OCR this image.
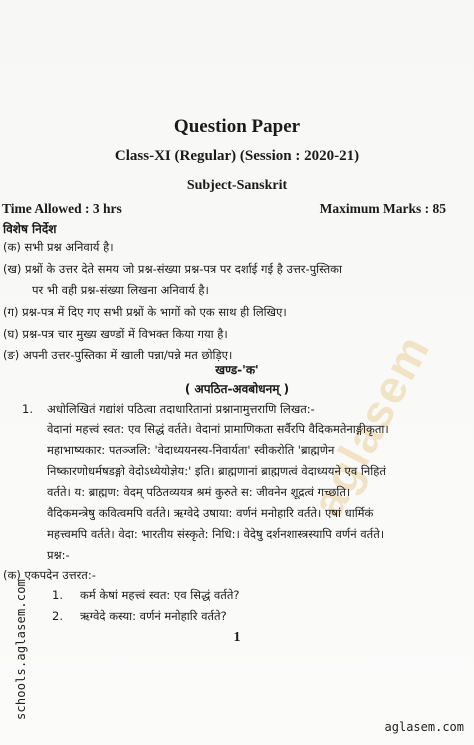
aglasem
Question Paper
Class-XI (Regular) (Session : 2020-21)
Subject-Sanskrit
Time Allowed : 3 hrs	Maximum Marks : 85
विशेष निर्देश
(क) सभी प्रश्न अनिवार्य है।
(ख) प्रश्नों के उत्तर देते समय जो प्रश्न-संख्या प्रश्न-पत्र पर दर्शाई गई है उत्तर-पुस्तिका
पर भी वही प्रश्न-संख्या लिखना अनिवार्य है।
(ग) प्रश्न-पत्र में दिए गए सभी प्रश्नों के भागों को एक साथ ही लिखिए।
(घ) प्रश्न-पत्र चार मुख्य खण्डों में विभक्त किया गया है।
(ङ) अपनी उत्तर-पुस्तिका में खाली पन्ना/पन्ने मत छोड़िए।
खण्ड-'क'
( अपठित-अवबोधनम् )
1. अधोलिखितं गद्यांशं पठित्वा तदाधारितानां प्रश्नानामुत्तराणि लिखत:-
वेदानां महत्त्वं स्वत: एव सिद्धं वर्तते। वेदानां प्रामाणिकता सर्वैरपि वैदिकमतेनाङ्गीकृता।
महाभाष्यकार: पतञ्जलि: 'वेदाध्ययनस्य-निवार्यता' स्वीकरोति 'ब्राह्मणेन
निष्कारणोधर्मषडङ्गो वेदोऽध्येयोज्ञेय:' इति। ब्राह्मणानां ब्राह्मणत्वं वेदाध्ययने एव निहितं
वर्तते। य: ब्राह्मण: वेदम् पठितव्ययत्र श्रमं कुरुते स: जीवनेन शूद्रत्वं गच्छति।
वैदिकमन्त्रेषु कवित्वमपि वर्तते। ऋग्वेदे उषाया: वर्णनं मनोहारि वर्तते। एषां धार्मिकं
महत्त्वमपि वर्तते। वेदा: भारतीय संस्कृते: निधि:। वेदेषु दर्शनशास्त्रस्यापि वर्णनं वर्तते।
प्रश्न:-
(क) एकपदेन उत्तरत:-
1. कर्म केषां महत्त्वं स्वत: एव सिद्धं वर्तते?
2. ऋग्वेदे कस्या: वर्णनं मनोहारि वर्तते?
1
schools.aglasem.com
aglasem.com
